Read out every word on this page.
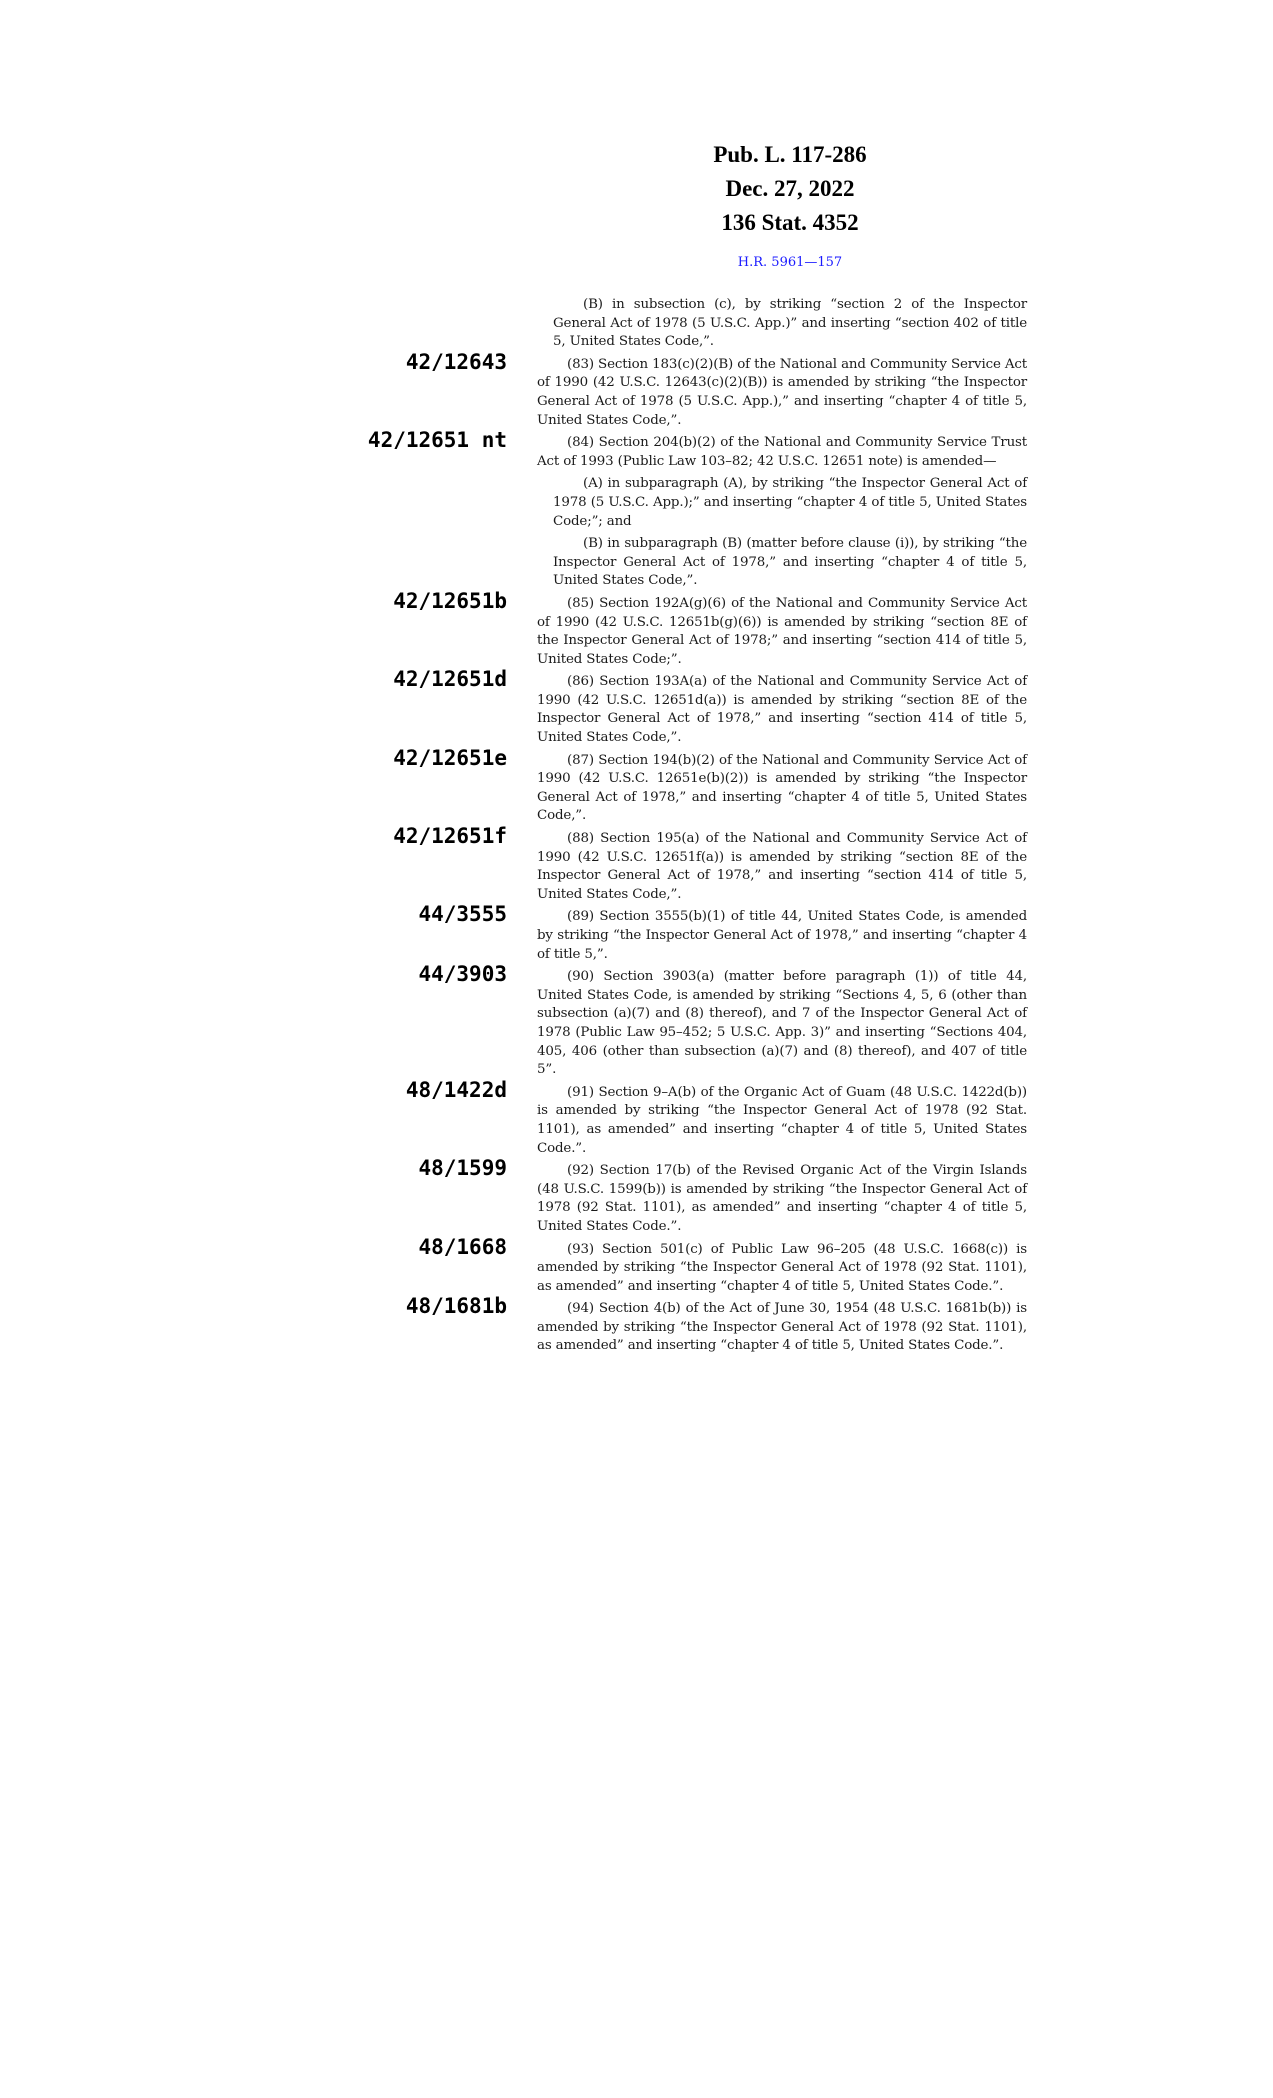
Pub. L. 117-286
Dec. 27, 2022
136 Stat. 4352
H.R. 5961—157

(B) in subsection (c), by striking “section 2 of the Inspector General Act of 1978 (5 U.S.C. App.)” and inserting “section 402 of title 5, United States Code,”.

42/12643	(83) Section 183(c)(2)(B) of the National and Community Service Act of 1990 (42 U.S.C. 12643(c)(2)(B)) is amended by striking “the Inspector General Act of 1978 (5 U.S.C. App.),” and inserting “chapter 4 of title 5, United States Code,”.

42/12651 nt	(84) Section 204(b)(2) of the National and Community Service Trust Act of 1993 (Public Law 103–82; 42 U.S.C. 12651 note) is amended—

(A) in subparagraph (A), by striking “the Inspector General Act of 1978 (5 U.S.C. App.);” and inserting “chapter 4 of title 5, United States Code;”; and

(B) in subparagraph (B) (matter before clause (i)), by striking “the Inspector General Act of 1978,” and inserting “chapter 4 of title 5, United States Code,”.

42/12651b	(85) Section 192A(g)(6) of the National and Community Service Act of 1990 (42 U.S.C. 12651b(g)(6)) is amended by striking “section 8E of the Inspector General Act of 1978;” and inserting “section 414 of title 5, United States Code;”.

42/12651d	(86) Section 193A(a) of the National and Community Service Act of 1990 (42 U.S.C. 12651d(a)) is amended by striking “section 8E of the Inspector General Act of 1978,” and inserting “section 414 of title 5, United States Code,”.

42/12651e	(87) Section 194(b)(2) of the National and Community Service Act of 1990 (42 U.S.C. 12651e(b)(2)) is amended by striking “the Inspector General Act of 1978,” and inserting “chapter 4 of title 5, United States Code,”.

42/12651f	(88) Section 195(a) of the National and Community Service Act of 1990 (42 U.S.C. 12651f(a)) is amended by striking “section 8E of the Inspector General Act of 1978,” and inserting “section 414 of title 5, United States Code,”.

44/3555	(89) Section 3555(b)(1) of title 44, United States Code, is amended by striking “the Inspector General Act of 1978,” and inserting “chapter 4 of title 5,”.

44/3903	(90) Section 3903(a) (matter before paragraph (1)) of title 44, United States Code, is amended by striking “Sections 4, 5, 6 (other than subsection (a)(7) and (8) thereof), and 7 of the Inspector General Act of 1978 (Public Law 95–452; 5 U.S.C. App. 3)” and inserting “Sections 404, 405, 406 (other than subsection (a)(7) and (8) thereof), and 407 of title 5”.

48/1422d	(91) Section 9–A(b) of the Organic Act of Guam (48 U.S.C. 1422d(b)) is amended by striking “the Inspector General Act of 1978 (92 Stat. 1101), as amended” and inserting “chapter 4 of title 5, United States Code.”.

48/1599	(92) Section 17(b) of the Revised Organic Act of the Virgin Islands (48 U.S.C. 1599(b)) is amended by striking “the Inspector General Act of 1978 (92 Stat. 1101), as amended” and inserting “chapter 4 of title 5, United States Code.”.

48/1668	(93) Section 501(c) of Public Law 96–205 (48 U.S.C. 1668(c)) is amended by striking “the Inspector General Act of 1978 (92 Stat. 1101), as amended” and inserting “chapter 4 of title 5, United States Code.”.

48/1681b	(94) Section 4(b) of the Act of June 30, 1954 (48 U.S.C. 1681b(b)) is amended by striking “the Inspector General Act of 1978 (92 Stat. 1101), as amended” and inserting “chapter 4 of title 5, United States Code.”.
